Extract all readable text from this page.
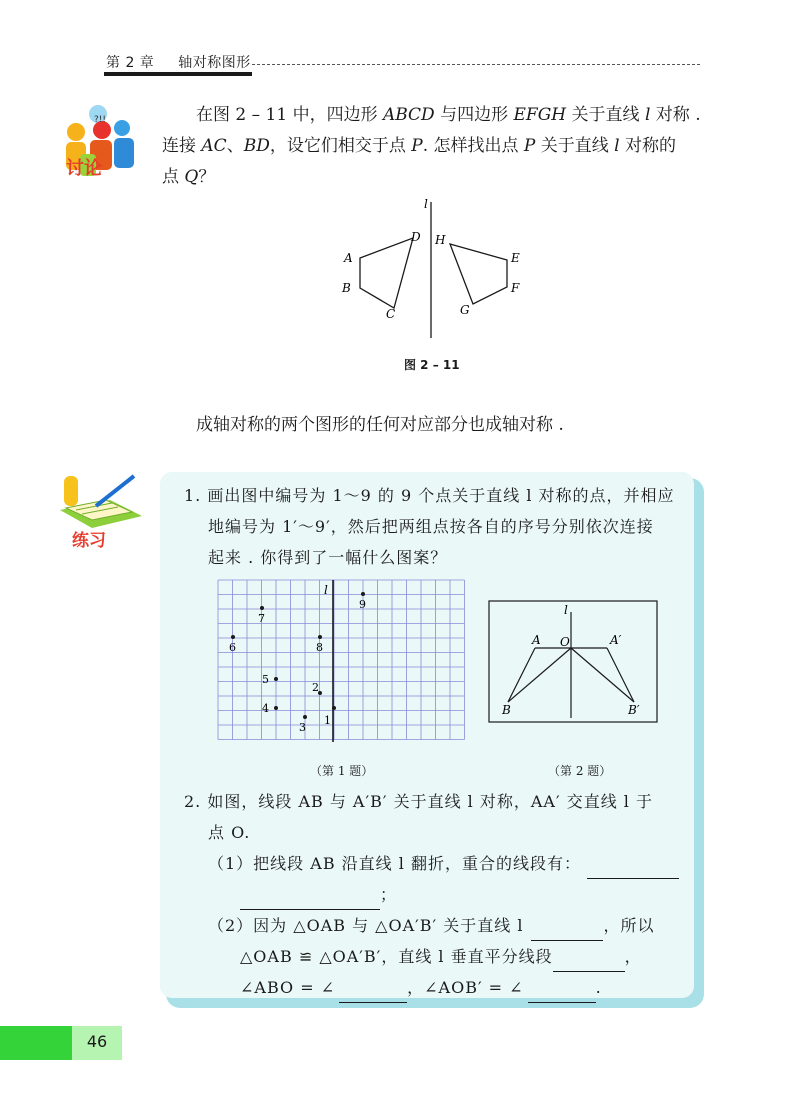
第 2 章 轴对称图形
?!!
讨论
在图 2 – 11 中，四边形 ABCD 与四边形 EFGH 关于直线 l 对称 .
连接 AC、BD，设它们相交于点 P. 怎样找出点 P 关于直线 l 对称的
点 Q？
l
A
B
C
D
E
F
G
H
图 2 – 11
成轴对称的两个图形的任何对应部分也成轴对称 .
练习
1. 画出图中编号为 1～9 的 9 个点关于直线 l 对称的点，并相应
地编号为 1′～9′，然后把两组点按各自的序号分别依次连接
起来 . 你得到了一幅什么图案？
l
1
2
3
4
5
6
7
8
9
（第 1 题）
l
A O	A′
B	B′
（第 2 题）
2. 如图，线段 AB 与 A′B′ 关于直线 l 对称，AA′ 交直线 l 于
点 O.
（1）把线段 AB 沿直线 l 翻折，重合的线段有：
；
（2）因为 △OAB 与 △OA′B′ 关于直线 l	，所以
△OAB ≌ △OA′B′，直线 l 垂直平分线段	，
∠ABO = ∠	，∠AOB′ = ∠	.
46
